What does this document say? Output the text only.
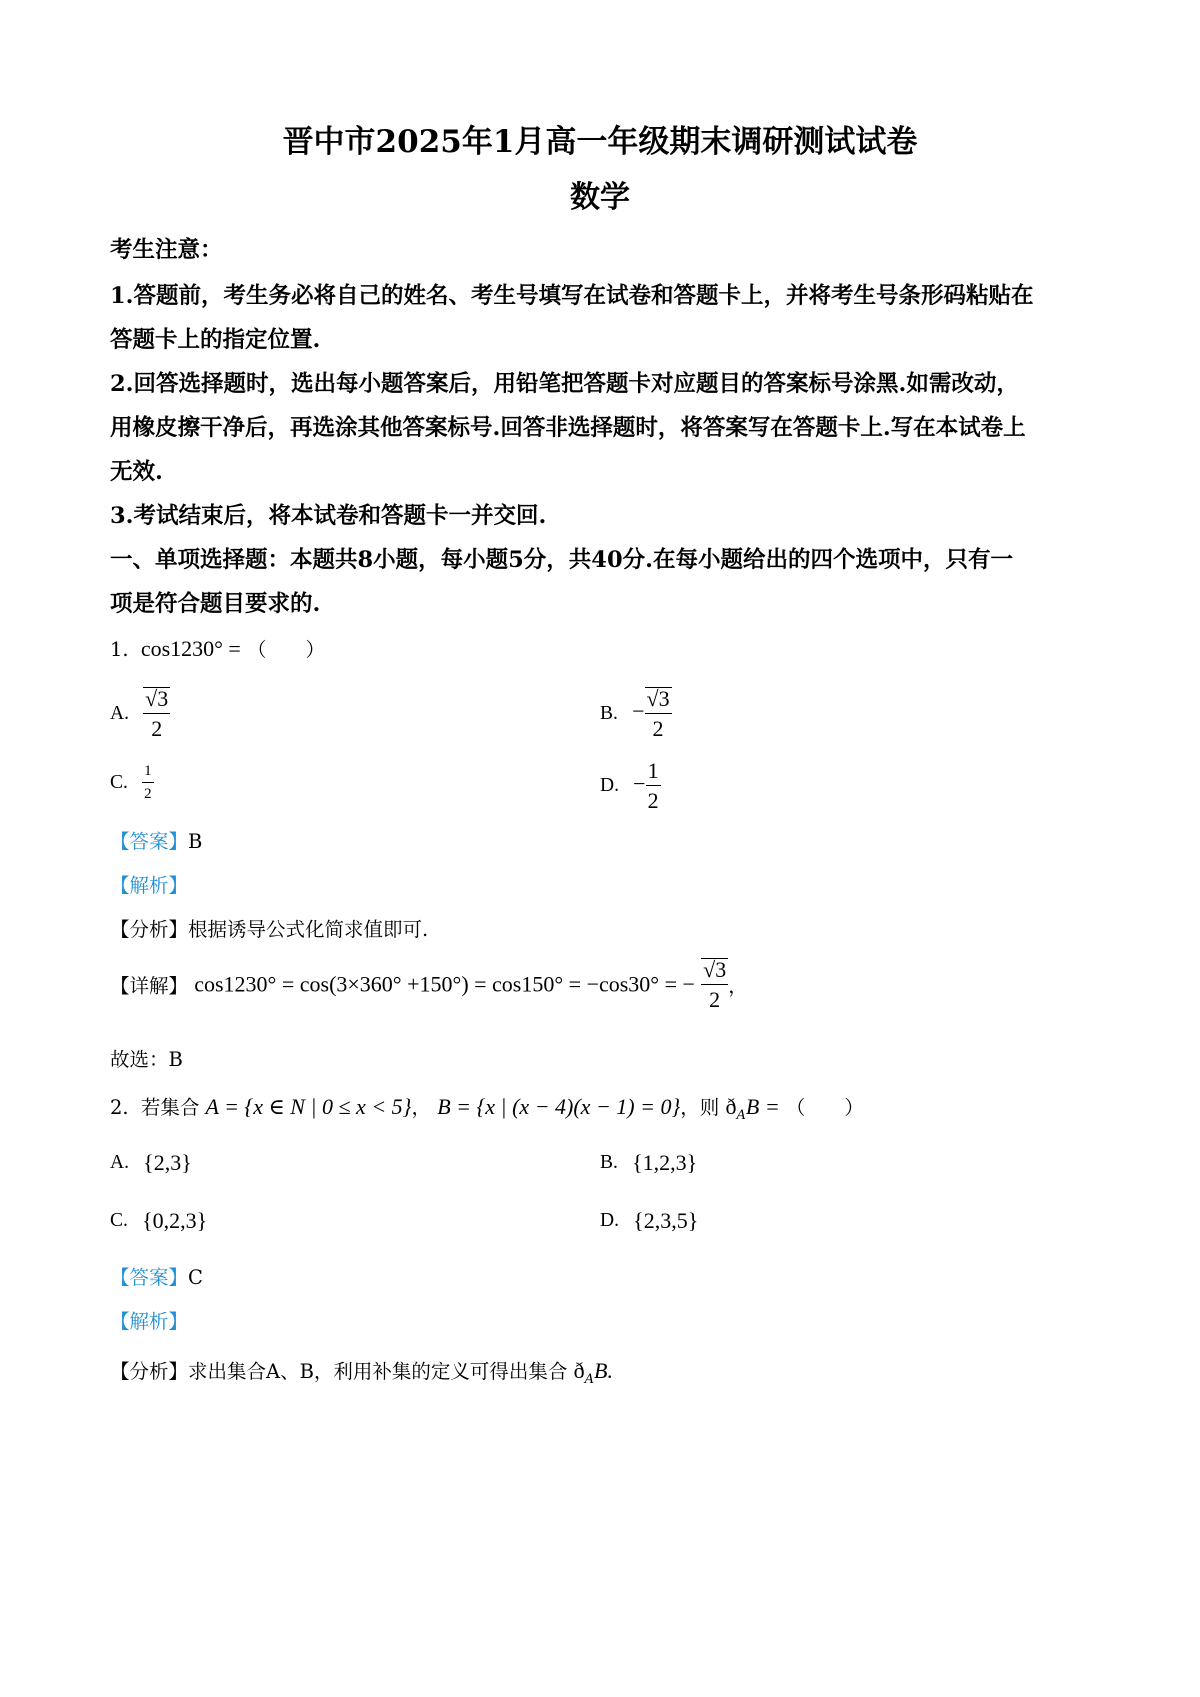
晋中市2025年1月高一年级期末调研测试试卷
数学
考生注意：
1.答题前，考生务必将自己的姓名、考生号填写在试卷和答题卡上，并将考生号条形码粘贴在
答题卡上的指定位置.
2.回答选择题时，选出每小题答案后，用铅笔把答题卡对应题目的答案标号涂黑.如需改动，
用橡皮擦干净后，再选涂其他答案标号.回答非选择题时，将答案写在答题卡上.写在本试卷上
无效.
3.考试结束后，将本试卷和答题卡一并交回.
一、单项选择题：本题共8小题，每小题5分，共40分.在每小题给出的四个选项中，只有一
项是符合题目要求的.
1. cos1230° = （　　）
A. $\frac{√3}{2}$	B. − $\frac{√3}{2}$
C. $\frac{1}{2}$	D. − $\frac{1}{2}$
【答案】B
【解析】
【分析】根据诱导公式化简求值即可.
【详解】 cos1230° = cos(3×360° +150°) = cos150° = −cos30° = − $\frac{√3}{2}$ ，
故选：B
2. 若集合 A = {x ∈ N | 0 ≤ x < 5}， B = {x | (x − 4)(x − 1) = 0}，则 $ð_AB$ = （　　）
A. {2,3}	B. {1,2,3}
C. {0,2,3}	D. {2,3,5}
【答案】C
【解析】
【分析】求出集合A、B，利用补集的定义可得出集合 $ð_AB$.
